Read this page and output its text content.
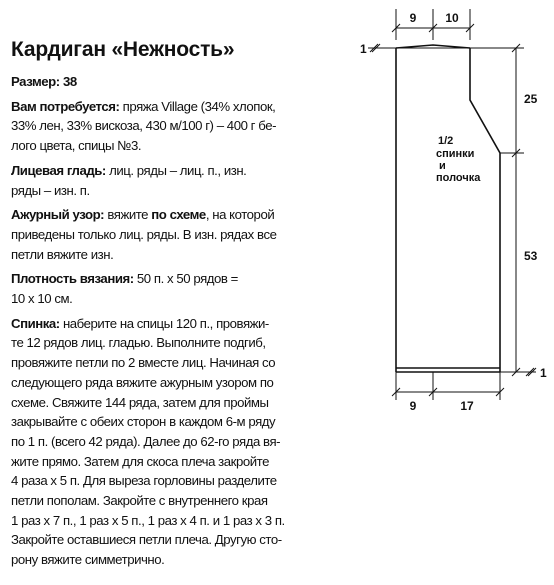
Кардиган «Нежность»
Размер: 38
Вам потребуется: пряжа Village (34% хлопок,
33% лен, 33% вискоза, 430 м/100 г) – 400 г бе-
лого цвета, спицы №3.
Лицевая гладь: лиц. ряды – лиц. п., изн.
ряды – изн. п.
Ажурный узор: вяжите по схеме, на которой
приведены только лиц. ряды. В изн. рядах все
петли вяжите изн.
Плотность вязания: 50 п. х 50 рядов =
10 х 10 см.
Спинка: наберите на спицы 120 п., провяжи-
те 12 рядов лиц. гладью. Выполните подгиб,
провяжите петли по 2 вместе лиц. Начиная со
следующего ряда вяжите ажурным узором по
схеме. Свяжите 144 ряда, затем для проймы
закрывайте с обеих сторон в каждом 6-м ряду
по 1 п. (всего 42 ряда). Далее до 62-го ряда вя-
жите прямо. Затем для скоса плеча закройте
4 раза х 5 п. Для выреза горловины разделите
петли пополам. Закройте с внутреннего края
1 раз х 7 п., 1 раз х 5 п., 1 раз х 4 п. и 1 раз х 3 п.
Закройте оставшиеся петли плеча. Другую сто-
рону вяжите симметрично.
9 10
25
53
1
1
9	17
1/2
спинки
и
полочка
